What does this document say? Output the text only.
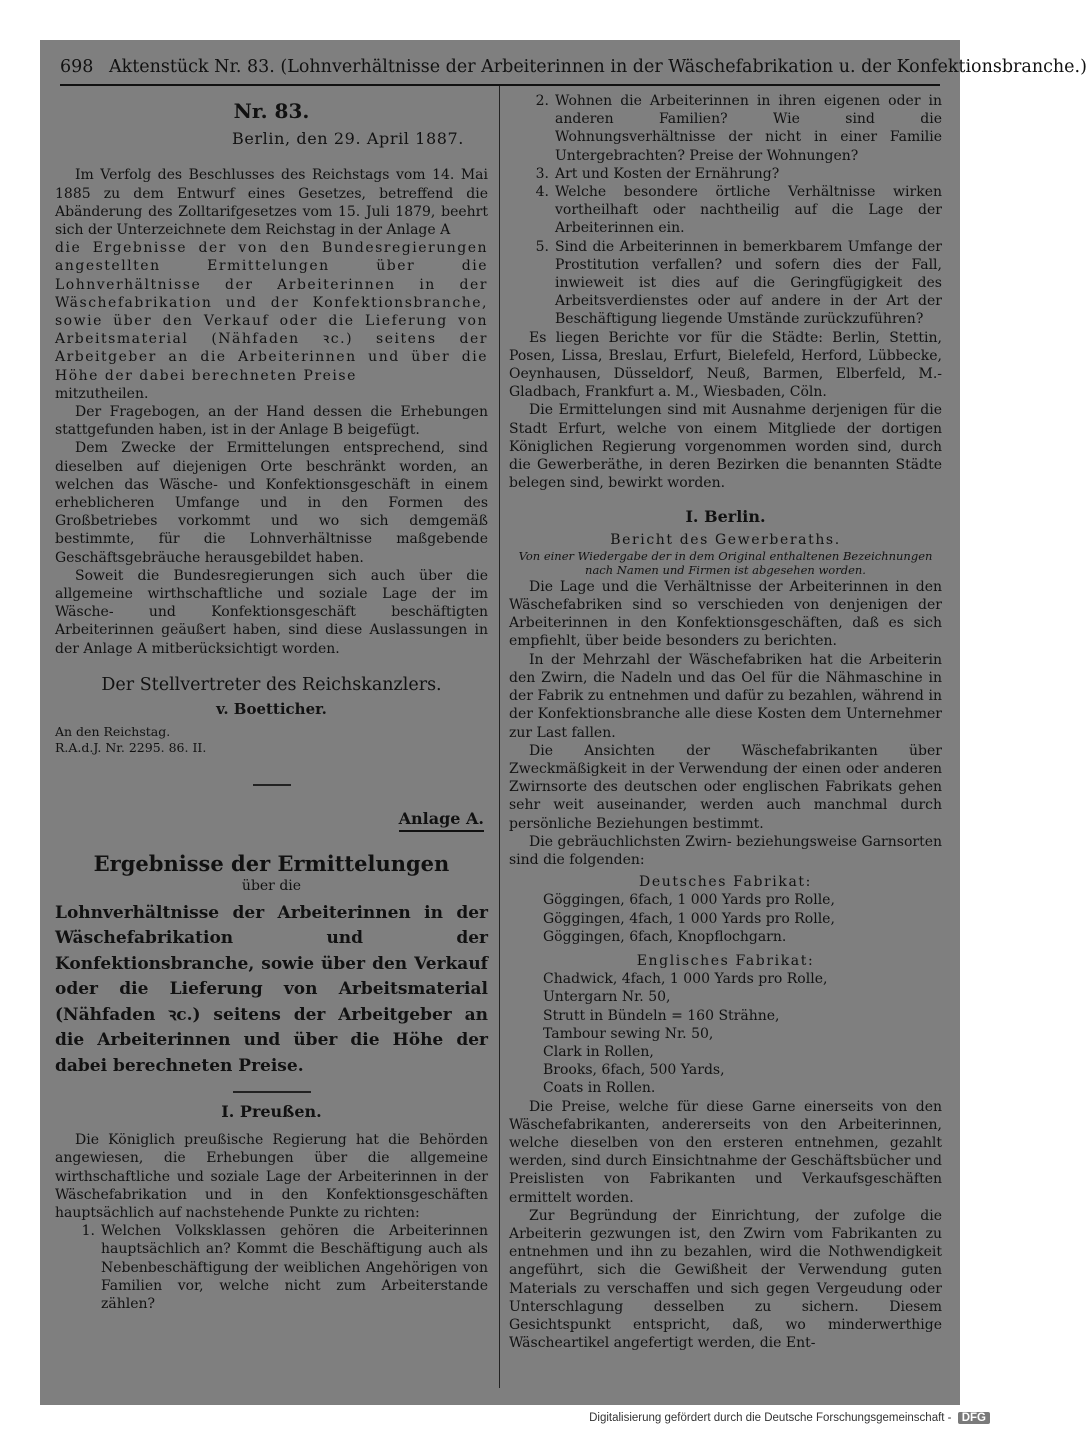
698 Aktenstück Nr. 83. (Lohnverhältnisse der Arbeiterinnen in der Wäschefabrikation u. der Konfektionsbranche.)
Nr. 83.
Berlin, den 29. April 1887.

Im Verfolg des Beschlusses des Reichstags vom 14. Mai 1885 zu dem Entwurf eines Gesetzes, betreffend die Abänderung des Zolltarifgesetzes vom 15. Juli 1879, beehrt sich der Unterzeichnete dem Reichstag in der Anlage A

die Ergebnisse der von den Bundesregierungen angestellten Ermittelungen über die Lohnverhältnisse der Arbeiterinnen in der Wäschefabrikation und der Konfektionsbranche, sowie über den Verkauf oder die Lieferung von Arbeitsmaterial (Nähfaden ꝛc.) seitens der Arbeitgeber an die Arbeiterinnen und über die Höhe der dabei berechneten Preise

mitzutheilen.

Der Fragebogen, an der Hand dessen die Erhebungen stattgefunden haben, ist in der Anlage B beigefügt.

Dem Zwecke der Ermittelungen entsprechend, sind dieselben auf diejenigen Orte beschränkt worden, an welchen das Wäsche- und Konfektionsgeschäft in einem erheblicheren Umfange und in den Formen des Großbetriebes vorkommt und wo sich demgemäß bestimmte, für die Lohnverhältnisse maßgebende Geschäftsgebräuche herausgebildet haben.

Soweit die Bundesregierungen sich auch über die allgemeine wirthschaftliche und soziale Lage der im Wäsche- und Konfektionsgeschäft beschäftigten Arbeiterinnen geäußert haben, sind diese Auslassungen in der Anlage A mitberücksichtigt worden.

Der Stellvertreter des Reichskanzlers.
v. Boetticher.
An den Reichstag.
R.A.d.J. Nr. 2295. 86. II.
Anlage A.
Ergebnisse der Ermittelungen
über die
Lohnverhältnisse der Arbeiterinnen in der Wäschefabrikation und der Konfektionsbranche, sowie über den Verkauf oder die Lieferung von Arbeitsmaterial (Nähfaden ꝛc.) seitens der Arbeitgeber an die Arbeiterinnen und über die Höhe der dabei berechneten Preise.
I. Preußen.

Die Königlich preußische Regierung hat die Behörden angewiesen, die Erhebungen über die allgemeine wirthschaftliche und soziale Lage der Arbeiterinnen in der Wäschefabrikation und in den Konfektionsgeschäften hauptsächlich auf nachstehende Punkte zu richten:

1. Welchen Volksklassen gehören die Arbeiterinnen hauptsächlich an? Kommt die Beschäftigung auch als Nebenbeschäftigung der weiblichen Angehörigen von Familien vor, welche nicht zum Arbeiterstande zählen?
2. Wohnen die Arbeiterinnen in ihren eigenen oder in anderen Familien? Wie sind die Wohnungsverhältnisse der nicht in einer Familie Untergebrachten? Preise der Wohnungen?
3. Art und Kosten der Ernährung?
4. Welche besondere örtliche Verhältnisse wirken vortheilhaft oder nachtheilig auf die Lage der Arbeiterinnen ein.
5. Sind die Arbeiterinnen in bemerkbarem Umfange der Prostitution verfallen? und sofern dies der Fall, inwieweit ist dies auf die Geringfügigkeit des Arbeitsverdienstes oder auf andere in der Art der Beschäftigung liegende Umstände zurückzuführen?

Es liegen Berichte vor für die Städte: Berlin, Stettin, Posen, Lissa, Breslau, Erfurt, Bielefeld, Herford, Lübbecke, Oeynhausen, Düsseldorf, Neuß, Barmen, Elberfeld, M.-Gladbach, Frankfurt a. M., Wiesbaden, Cöln.

Die Ermittelungen sind mit Ausnahme derjenigen für die Stadt Erfurt, welche von einem Mitgliede der dortigen Königlichen Regierung vorgenommen worden sind, durch die Gewerberäthe, in deren Bezirken die benannten Städte belegen sind, bewirkt worden.

I. Berlin.
Bericht des Gewerberaths.
Von einer Wiedergabe der in dem Original enthaltenen Bezeichnungen nach Namen und Firmen ist abgesehen worden.

Die Lage und die Verhältnisse der Arbeiterinnen in den Wäschefabriken sind so verschieden von denjenigen der Arbeiterinnen in den Konfektionsgeschäften, daß es sich empfiehlt, über beide besonders zu berichten.

In der Mehrzahl der Wäschefabriken hat die Arbeiterin den Zwirn, die Nadeln und das Oel für die Nähmaschine in der Fabrik zu entnehmen und dafür zu bezahlen, während in der Konfektionsbranche alle diese Kosten dem Unternehmer zur Last fallen.

Die Ansichten der Wäschefabrikanten über Zweckmäßigkeit in der Verwendung der einen oder anderen Zwirnsorte des deutschen oder englischen Fabrikats gehen sehr weit auseinander, werden auch manchmal durch persönliche Beziehungen bestimmt.

Die gebräuchlichsten Zwirn- beziehungsweise Garnsorten sind die folgenden:

Deutsches Fabrikat:
Göggingen, 6fach, 1 000 Yards pro Rolle,
Göggingen, 4fach, 1 000 Yards pro Rolle,
Göggingen, 6fach, Knopflochgarn.
Englisches Fabrikat:
Chadwick, 4fach, 1 000 Yards pro Rolle,
Untergarn Nr. 50,
Strutt in Bündeln = 160 Strähne,
Tambour sewing Nr. 50,
Clark in Rollen,
Brooks, 6fach, 500 Yards,
Coats in Rollen.

Die Preise, welche für diese Garne einerseits von den Wäschefabrikanten, andererseits von den Arbeiterinnen, welche dieselben von den ersteren entnehmen, gezahlt werden, sind durch Einsichtnahme der Geschäftsbücher und Preislisten von Fabrikanten und Verkaufsgeschäften ermittelt worden.

Zur Begründung der Einrichtung, der zufolge die Arbeiterin gezwungen ist, den Zwirn vom Fabrikanten zu entnehmen und ihn zu bezahlen, wird die Nothwendigkeit angeführt, sich die Gewißheit der Verwendung guten Materials zu verschaffen und sich gegen Vergeudung oder Unterschlagung desselben zu sichern. Diesem Gesichtspunkt entspricht, daß, wo minderwerthige Wäscheartikel angefertigt werden, die Ent-

Digitalisierung gefördert durch die Deutsche Forschungsgemeinschaft - DFG
